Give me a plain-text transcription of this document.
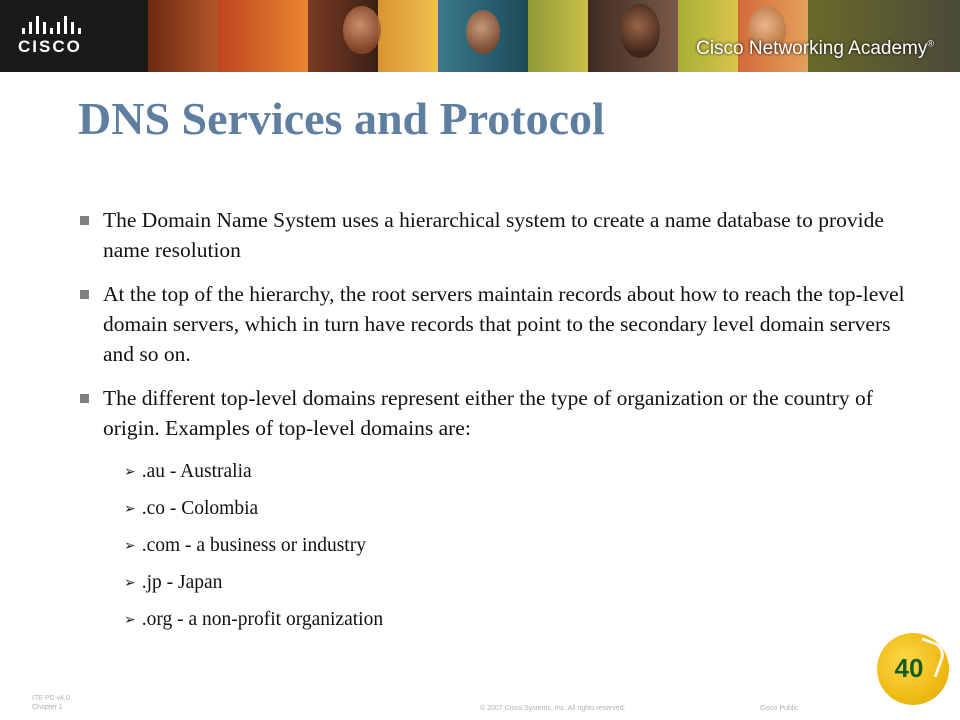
CISCO	Cisco Networking Academy®
DNS Services and Protocol
The Domain Name System uses a hierarchical system to create a name database to provide name resolution
At the top of the hierarchy, the root servers maintain records about how to reach the top-level domain servers, which in turn have records that point to the secondary level domain servers and so on.
The different top-level domains represent either the type of organization or the country of origin. Examples of top-level domains are:
➢ .au - Australia
➢ .co - Colombia
➢ .com - a business or industry
➢ .jp - Japan
➢ .org - a non-profit organization
ITE PC v4.0
Chapter 1	© 2007 Cisco Systems, Inc. All rights reserved.	Cisco Public
40
